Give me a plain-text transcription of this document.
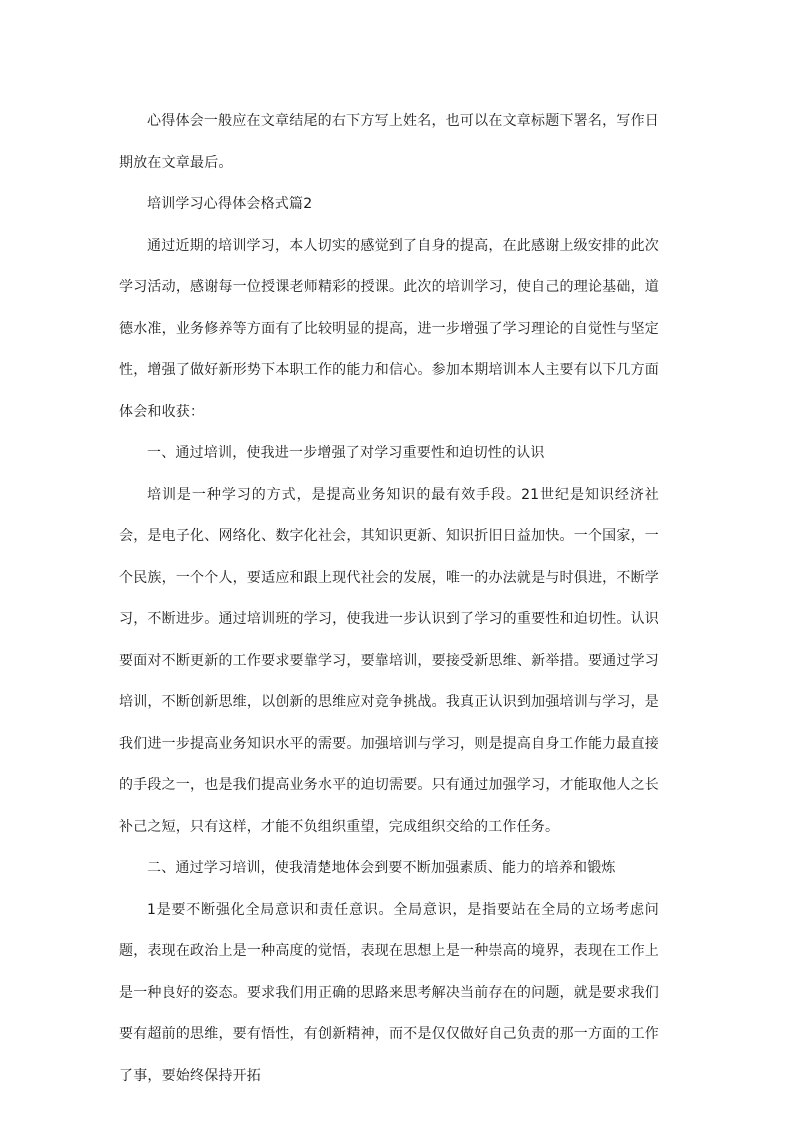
心得体会一般应在文章结尾的右下方写上姓名，也可以在文章标题下署名，写作日期放在文章最后。

培训学习心得体会格式篇2

通过近期的培训学习，本人切实的感觉到了自身的提高，在此感谢上级安排的此次学习活动，感谢每一位授课老师精彩的授课。此次的培训学习，使自己的理论基础，道德水准，业务修养等方面有了比较明显的提高，进一步增强了学习理论的自觉性与坚定性，增强了做好新形势下本职工作的能力和信心。参加本期培训本人主要有以下几方面体会和收获：

一、通过培训，使我进一步增强了对学习重要性和迫切性的认识

培训是一种学习的方式，是提高业务知识的最有效手段。21世纪是知识经济社会，是电子化、网络化、数字化社会，其知识更新、知识折旧日益加快。一个国家，一个民族，一个个人，要适应和跟上现代社会的发展，唯一的办法就是与时俱进，不断学习，不断进步。通过培训班的学习，使我进一步认识到了学习的重要性和迫切性。认识要面对不断更新的工作要求要靠学习，要靠培训，要接受新思维、新举措。要通过学习培训，不断创新思维，以创新的思维应对竞争挑战。我真正认识到加强培训与学习，是我们进一步提高业务知识水平的需要。加强培训与学习，则是提高自身工作能力最直接的手段之一，也是我们提高业务水平的迫切需要。只有通过加强学习，才能取他人之长补己之短，只有这样，才能不负组织重望，完成组织交给的工作任务。

二、通过学习培训，使我清楚地体会到要不断加强素质、能力的培养和锻炼

1是要不断强化全局意识和责任意识。全局意识，是指要站在全局的立场考虑问题，表现在政治上是一种高度的觉悟，表现在思想上是一种崇高的境界，表现在工作上是一种良好的姿态。要求我们用正确的思路来思考解决当前存在的问题，就是要求我们要有超前的思维，要有悟性，有创新精神，而不是仅仅做好自己负责的那一方面的工作了事，要始终保持开拓
